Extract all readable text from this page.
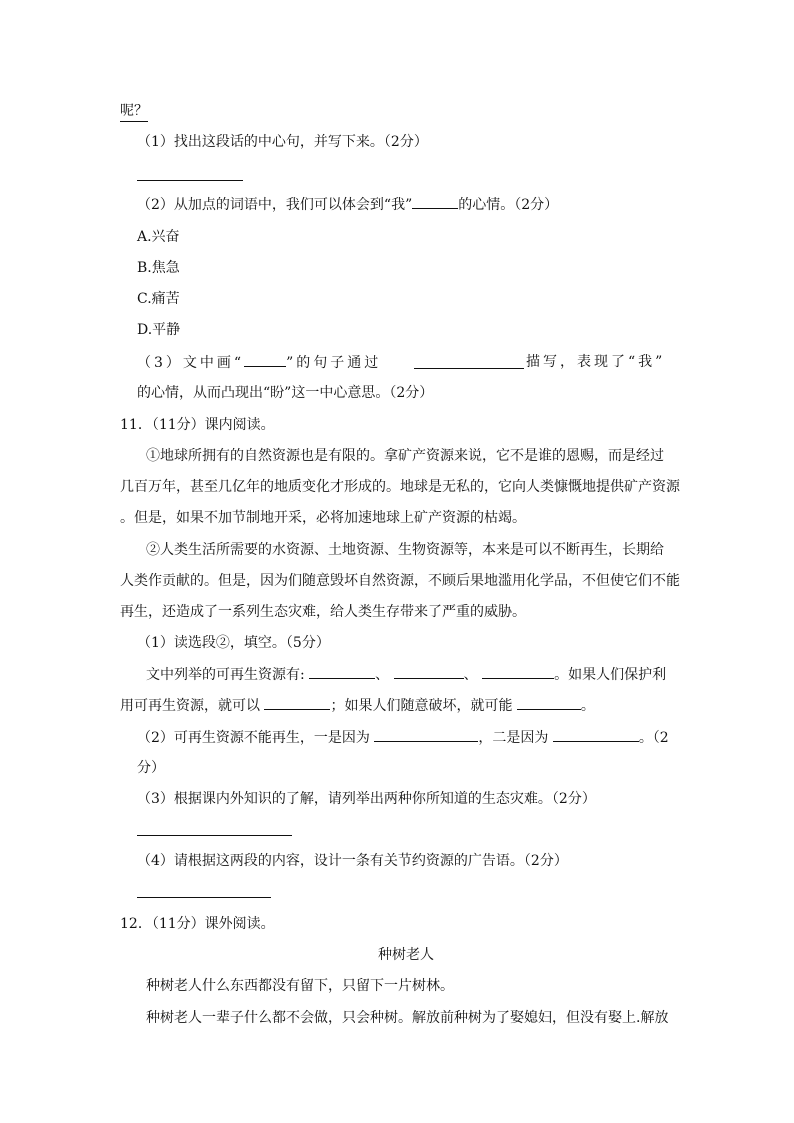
呢？
（1）找出这段话的中心句，并写下来。（2分）
（2）从加点的词语中，我们可以体会到“我”	的心情。（2分）
A.兴奋
B.焦急
C.痛苦
D.平静
（3）文中画“	”的句子通过	描写，表现了“我”
的心情，从而凸现出“盼”这一中心意思。（2分）
11．（11分）课内阅读。
①地球所拥有的自然资源也是有限的。拿矿产资源来说，它不是谁的恩赐，而是经过
几百万年，甚至几亿年的地质变化才形成的。地球是无私的，它向人类慷慨地提供矿产资源
。但是，如果不加节制地开采，必将加速地球上矿产资源的枯竭。
②人类生活所需要的水资源、土地资源、生物资源等，本来是可以不断再生，长期给
人类作贡献的。但是，因为们随意毁坏自然资源，不顾后果地滥用化学品，不但使它们不能
再生，还造成了一系列生态灾难，给人类生存带来了严重的威胁。
（1）读选段②，填空。（5分）
文中列举的可再生资源有:	、	、	。如果人们保护利
用可再生资源，就可以	；如果人们随意破坏，就可能	。
（2）可再生资源不能再生，一是因为	，二是因为	。（2
分）
（3）根据课内外知识的了解，请列举出两种你所知道的生态灾难。（2分）
（4）请根据这两段的内容，设计一条有关节约资源的广告语。（2分）
12．（11分）课外阅读。
种树老人
种树老人什么东西都没有留下，只留下一片树林。
种树老人一辈子什么都不会做，只会种树。解放前种树为了娶媳妇，但没有娶上.解放
